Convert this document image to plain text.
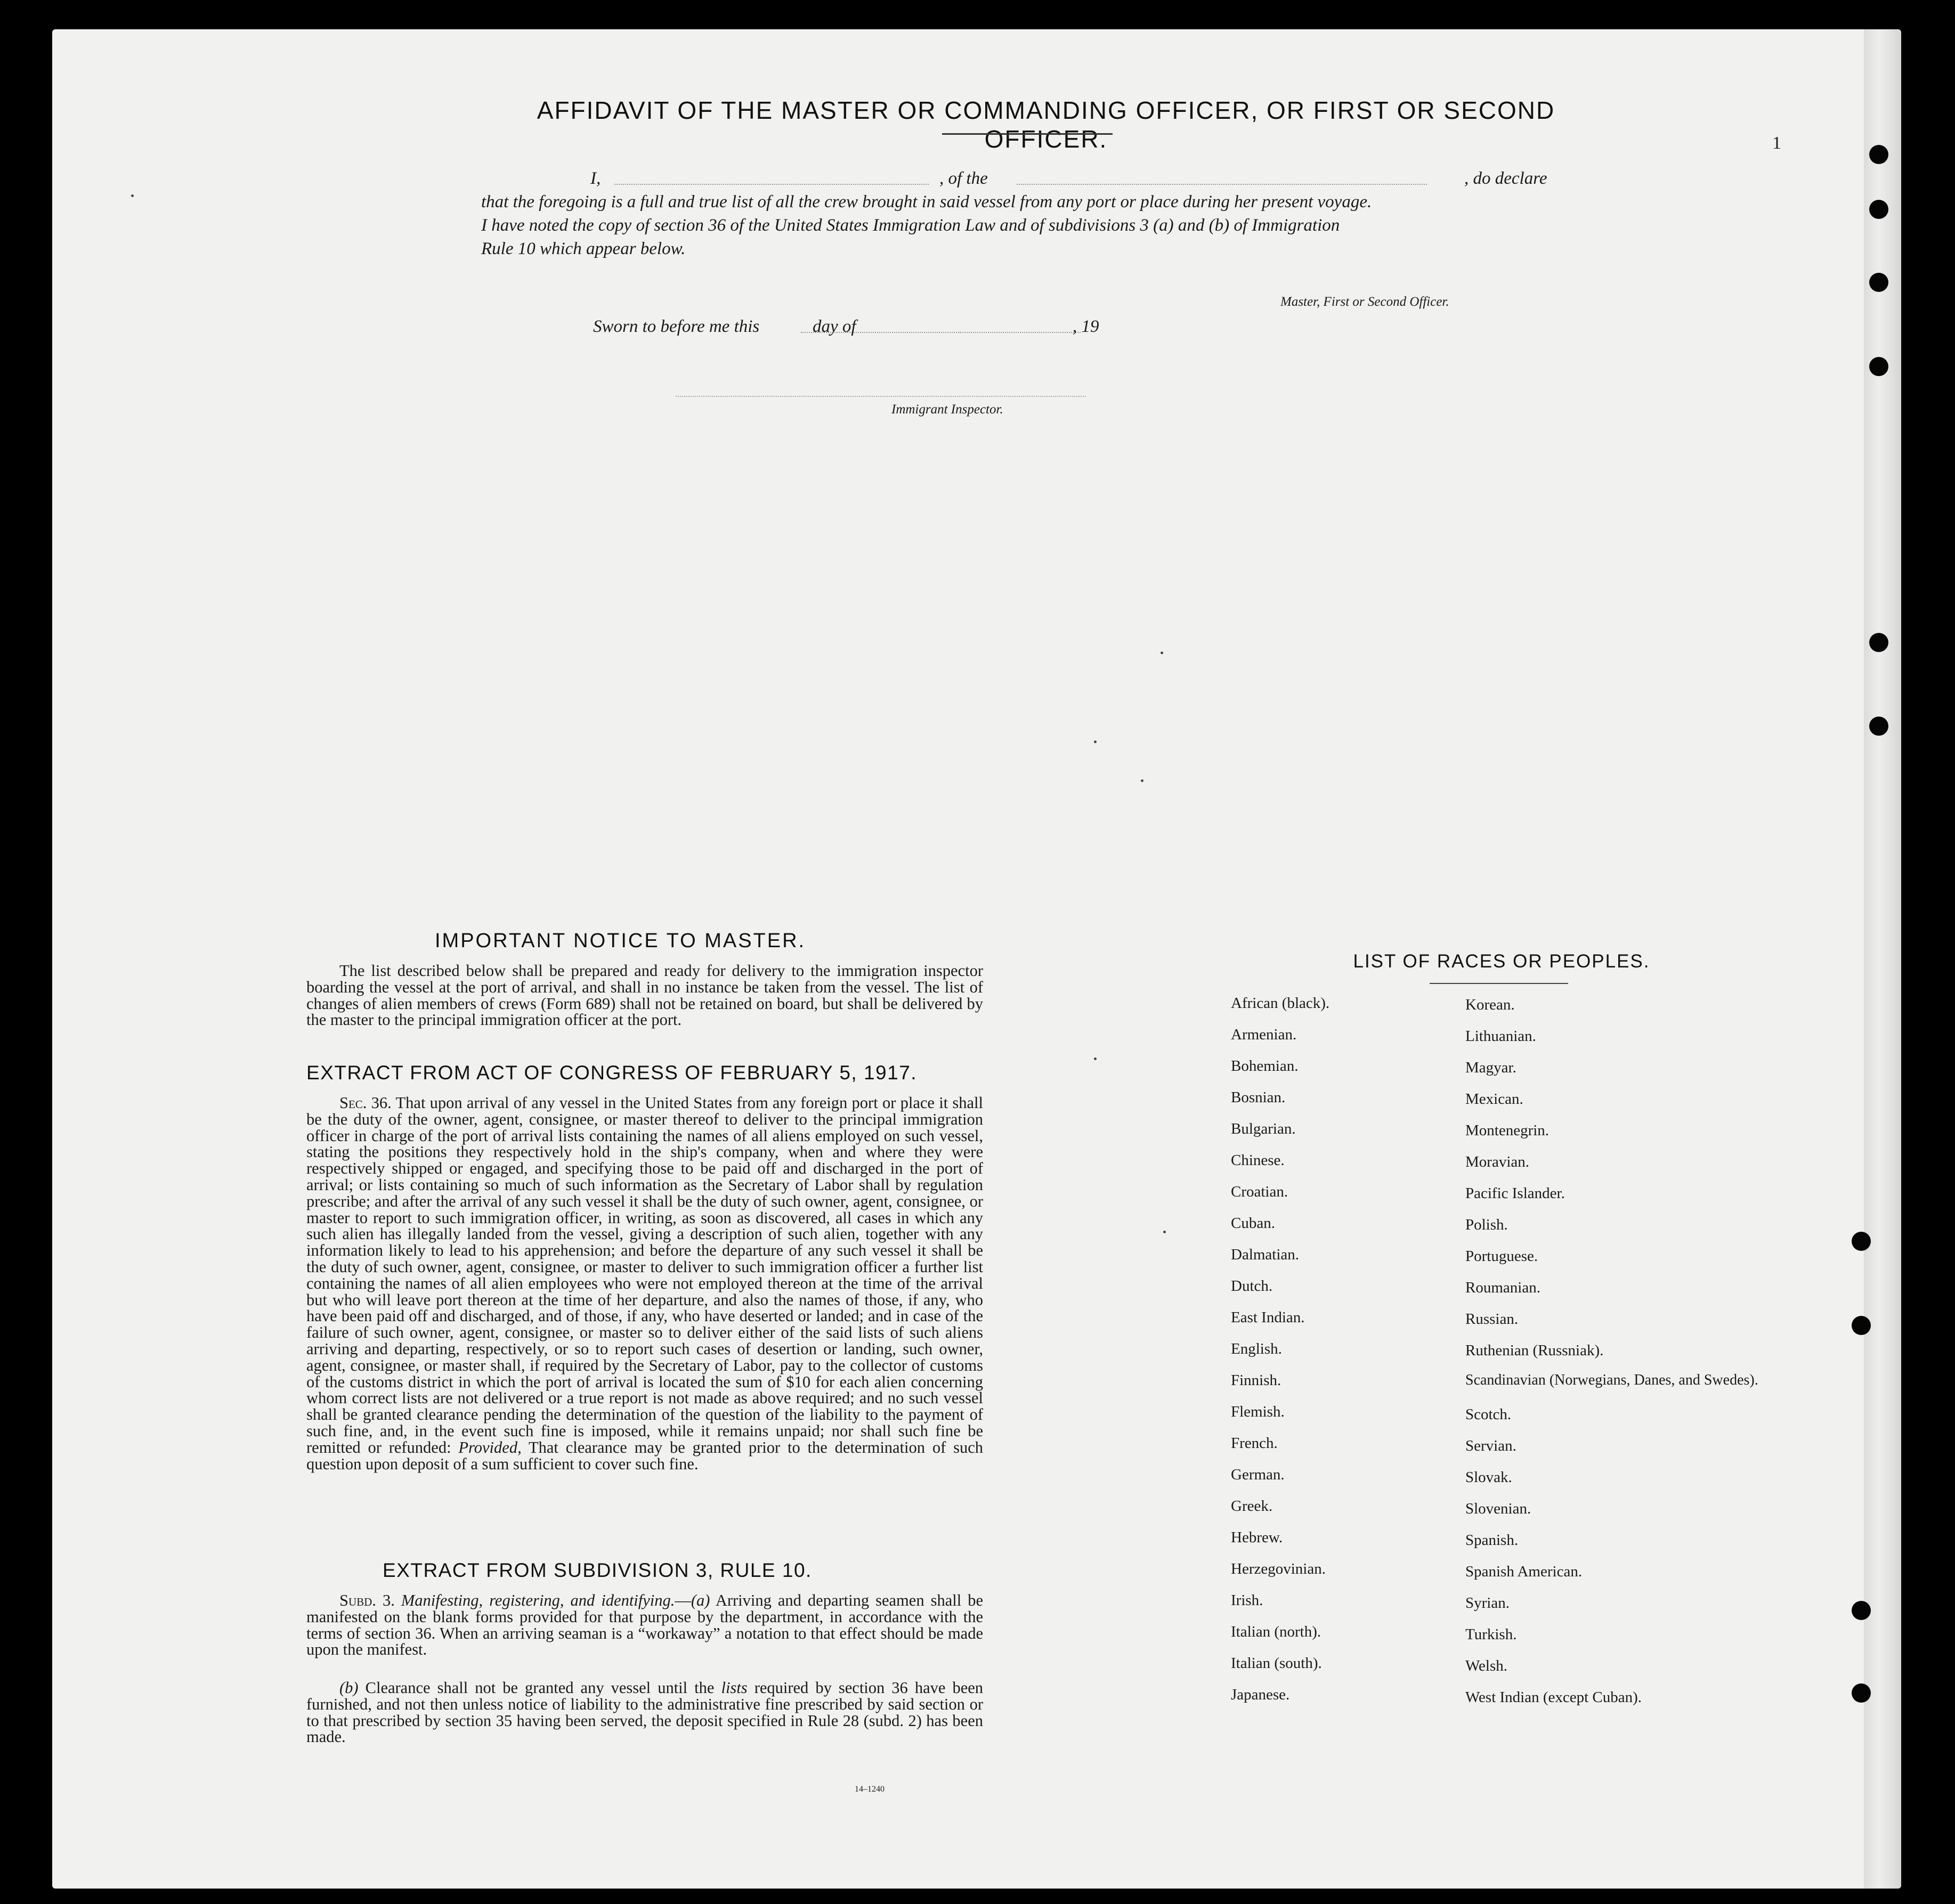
AFFIDAVIT OF THE MASTER OR COMMANDING OFFICER, OR FIRST OR SECOND OFFICER.	1
I,	, of the	, do declare
that the foregoing is a full and true list of all the crew brought in said vessel from any port or place during her present voyage.
I have noted the copy of section 36 of the United States Immigration Law and of subdivisions 3 (a) and (b) of Immigration
Rule 10 which appear below.
Master, First or Second Officer.
Sworn to before me this	day of	, 19
Immigrant Inspector.
IMPORTANT NOTICE TO MASTER.

The list described below shall be prepared and ready for delivery to the immigration inspector boarding the vessel at the port of arrival, and shall in no instance be taken from the vessel. The list of changes of alien members of crews (Form 689) shall not be retained on board, but shall be delivered by the master to the principal immigration officer at the port.

EXTRACT FROM ACT OF CONGRESS OF FEBRUARY 5, 1917.

Sec. 36. That upon arrival of any vessel in the United States from any foreign port or place it shall be the duty of the owner, agent, consignee, or master thereof to deliver to the principal immigration officer in charge of the port of arrival lists containing the names of all aliens employed on such vessel, stating the positions they respectively hold in the ship's company, when and where they were respectively shipped or engaged, and specifying those to be paid off and discharged in the port of arrival; or lists containing so much of such information as the Secretary of Labor shall by regulation prescribe; and after the arrival of any such vessel it shall be the duty of such owner, agent, consignee, or master to report to such immigration officer, in writing, as soon as discovered, all cases in which any such alien has illegally landed from the vessel, giving a description of such alien, together with any information likely to lead to his apprehension; and before the departure of any such vessel it shall be the duty of such owner, agent, consignee, or master to deliver to such immigration officer a further list containing the names of all alien employees who were not employed thereon at the time of the arrival but who will leave port thereon at the time of her departure, and also the names of those, if any, who have been paid off and discharged, and of those, if any, who have deserted or landed; and in case of the failure of such owner, agent, consignee, or master so to deliver either of the said lists of such aliens arriving and departing, respectively, or so to report such cases of desertion or landing, such owner, agent, consignee, or master shall, if required by the Secretary of Labor, pay to the collector of customs of the customs district in which the port of arrival is located the sum of $10 for each alien concerning whom correct lists are not delivered or a true report is not made as above required; and no such vessel shall be granted clearance pending the determination of the question of the liability to the payment of such fine, and, in the event such fine is imposed, while it remains unpaid; nor shall such fine be remitted or refunded: Provided, That clearance may be granted prior to the determination of such question upon deposit of a sum sufficient to cover such fine.

EXTRACT FROM SUBDIVISION 3, RULE 10.

Subd. 3. Manifesting, registering, and identifying.—(a) Arriving and departing seamen shall be manifested on the blank forms provided for that purpose by the department, in accordance with the terms of section 36. When an arriving seaman is a “workaway” a notation to that effect should be made upon the manifest.

(b) Clearance shall not be granted any vessel until the lists required by section 36 have been furnished, and not then unless notice of liability to the administrative fine prescribed by said section or to that prescribed by section 35 having been served, the deposit specified in Rule 28 (subd. 2) has been made.

14–1240
LIST OF RACES OR PEOPLES.
African (black).
Armenian.
Bohemian.
Bosnian.
Bulgarian.
Chinese.
Croatian.
Cuban.
Dalmatian.
Dutch.
East Indian.
English.
Finnish.
Flemish.
French.
German.
Greek.
Hebrew.
Herzegovinian.
Irish.
Italian (north).
Italian (south).
Japanese.
Korean.
Lithuanian.
Magyar.
Mexican.
Montenegrin.
Moravian.
Pacific Islander.
Polish.
Portuguese.
Roumanian.
Russian.
Ruthenian (Russniak).
Scandinavian (Norwegians, Danes, and Swedes).
Scotch.
Servian.
Slovak.
Slovenian.
Spanish.
Spanish American.
Syrian.
Turkish.
Welsh.
West Indian (except Cuban).
